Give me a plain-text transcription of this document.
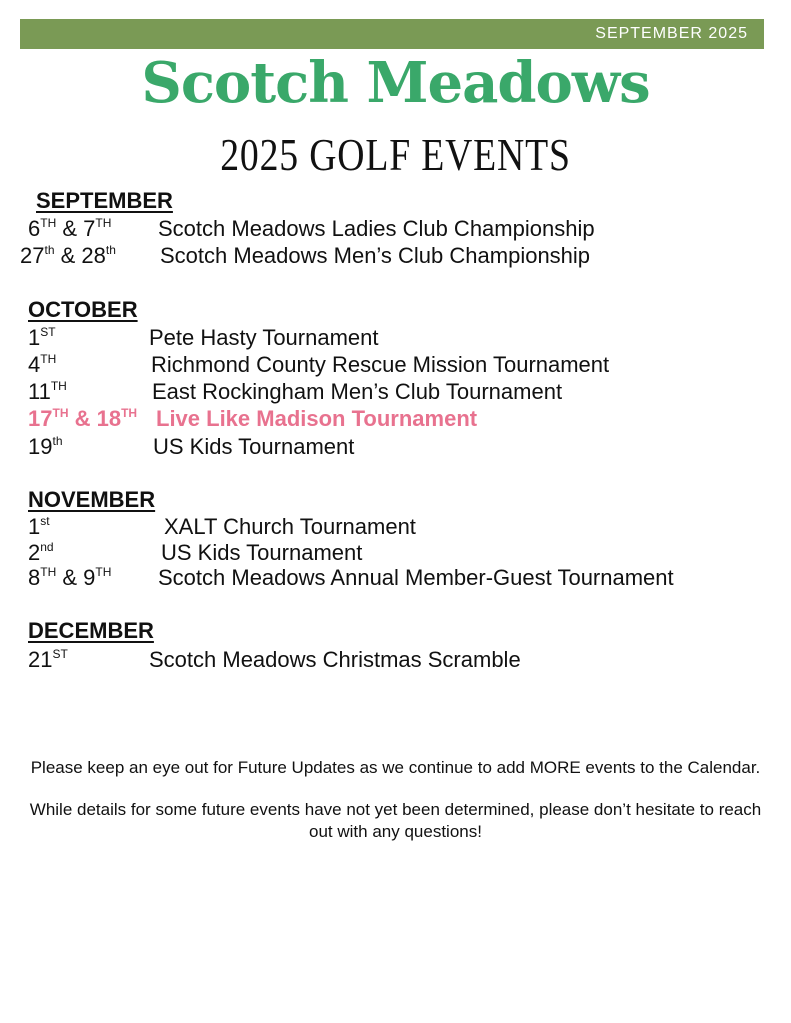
SEPTEMBER 2025
Scotch Meadows
2025 GOLF EVENTS
SEPTEMBER
6TH & 7TH Scotch Meadows Ladies Club Championship
27th & 28th Scotch Meadows Men’s Club Championship
OCTOBER
1ST	Pete Hasty Tournament
4TH	Richmond County Rescue Mission Tournament
11TH	East Rockingham Men’s Club Tournament
17TH & 18TH Live Like Madison Tournament
19th	US Kids Tournament
NOVEMBER
1st	XALT Church Tournament
2nd	US Kids Tournament
8TH & 9TH Scotch Meadows Annual Member-Guest Tournament
DECEMBER
21ST	Scotch Meadows Christmas Scramble

Please keep an eye out for Future Updates as we continue to add MORE events to the Calendar.

While details for some future events have not yet been determined, please don’t hesitate to reach out with any questions!
